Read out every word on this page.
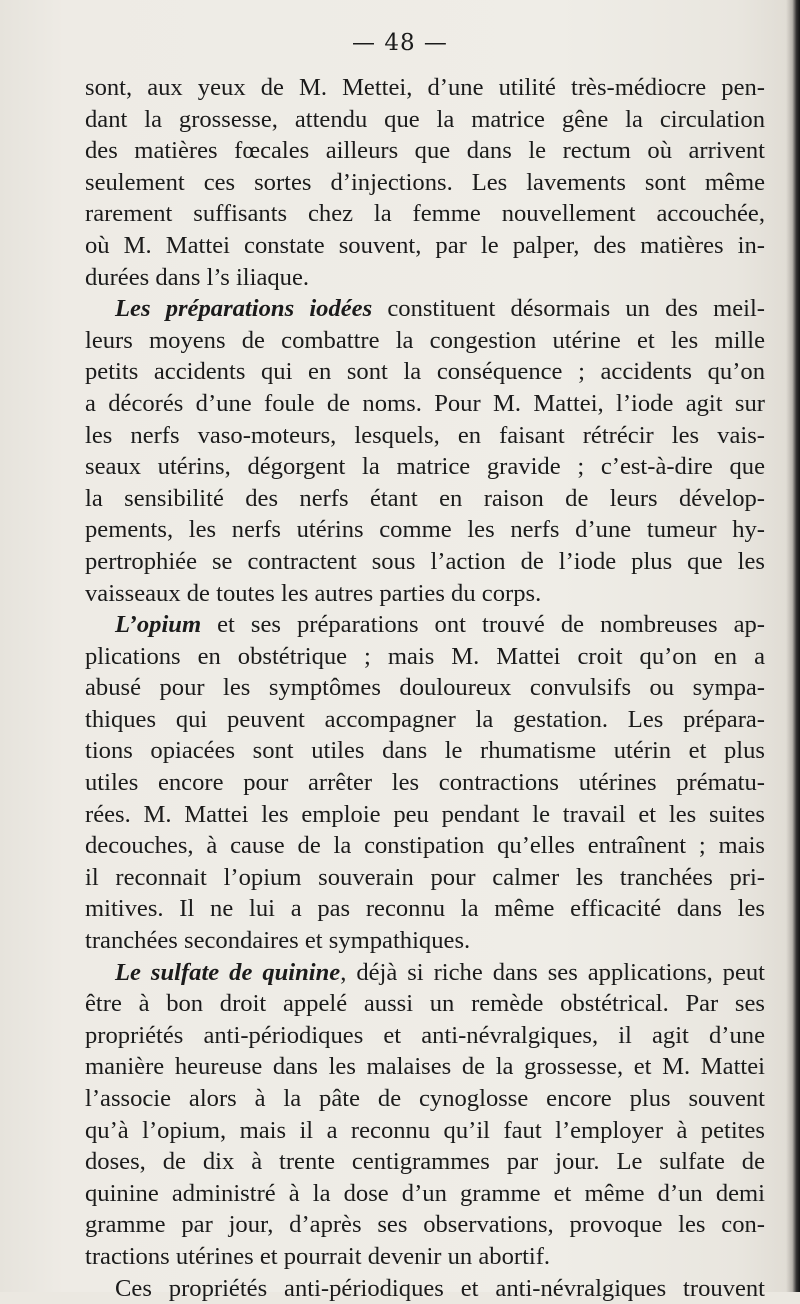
— 48 —
sont, aux yeux de M. Mettei, d’une utilité très-médiocre pen-
dant la grossesse, attendu que la matrice gêne la circulation
des matières fœcales ailleurs que dans le rectum où arrivent
seulement ces sortes d’injections. Les lavements sont même
rarement suffisants chez la femme nouvellement accouchée,
où M. Mattei constate souvent, par le palper, des matières in-
durées dans l’s iliaque.
Les préparations iodées constituent désormais un des meil-
leurs moyens de combattre la congestion utérine et les mille
petits accidents qui en sont la conséquence ; accidents qu’on
a décorés d’une foule de noms. Pour M. Mattei, l’iode agit sur
les nerfs vaso-moteurs, lesquels, en faisant rétrécir les vais-
seaux utérins, dégorgent la matrice gravide ; c’est-à-dire que
la sensibilité des nerfs étant en raison de leurs dévelop-
pements, les nerfs utérins comme les nerfs d’une tumeur hy-
pertrophiée se contractent sous l’action de l’iode plus que les
vaisseaux de toutes les autres parties du corps.
L’opium et ses préparations ont trouvé de nombreuses ap-
plications en obstétrique ; mais M. Mattei croit qu’on en a
abusé pour les symptômes douloureux convulsifs ou sympa-
thiques qui peuvent accompagner la gestation. Les prépara-
tions opiacées sont utiles dans le rhumatisme utérin et plus
utiles encore pour arrêter les contractions utérines prématu-
rées. M. Mattei les emploie peu pendant le travail et les suites
decouches, à cause de la constipation qu’elles entraînent ; mais
il reconnait l’opium souverain pour calmer les tranchées pri-
mitives. Il ne lui a pas reconnu la même efficacité dans les
tranchées secondaires et sympathiques.
Le sulfate de quinine, déjà si riche dans ses applications, peut
être à bon droit appelé aussi un remède obstétrical. Par ses
propriétés anti-périodiques et anti-névralgiques, il agit d’une
manière heureuse dans les malaises de la grossesse, et M. Mattei
l’associe alors à la pâte de cynoglosse encore plus souvent
qu’à l’opium, mais il a reconnu qu’il faut l’employer à petites
doses, de dix à trente centigrammes par jour. Le sulfate de
quinine administré à la dose d’un gramme et même d’un demi
gramme par jour, d’après ses observations, provoque les con-
tractions utérines et pourrait devenir un abortif.
Ces propriétés anti-périodiques et anti-névralgiques trouvent
